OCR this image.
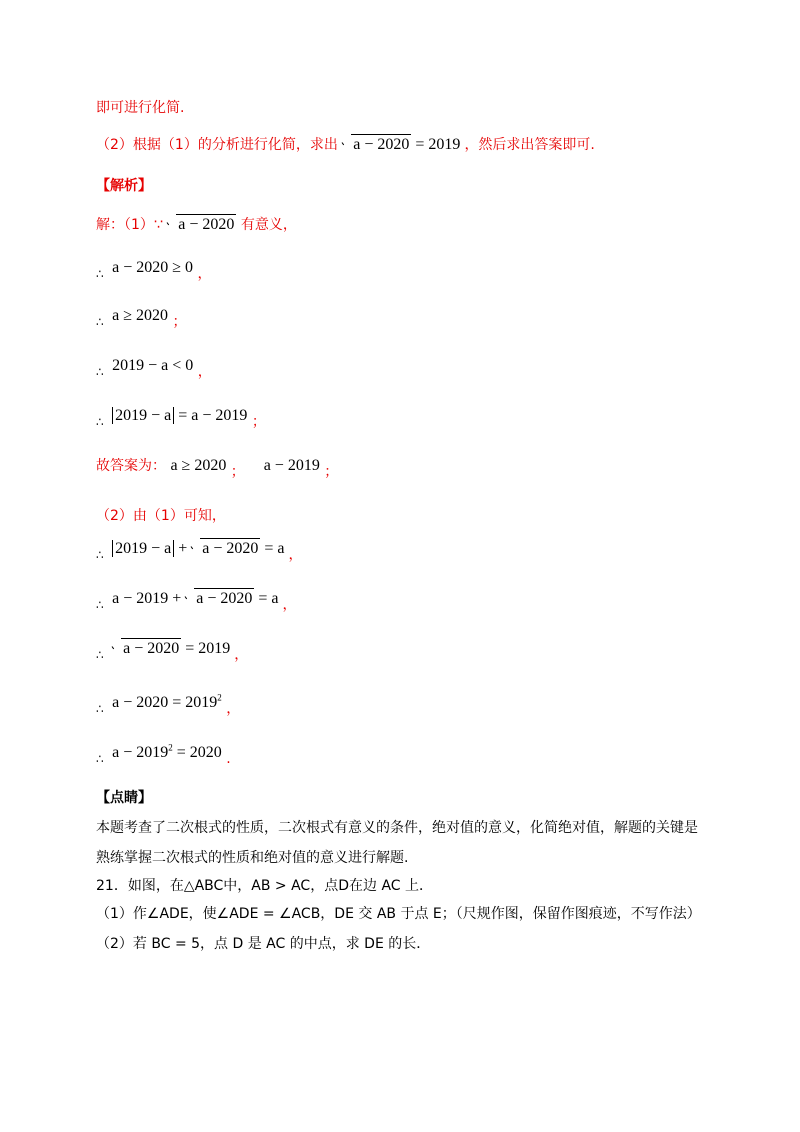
即可进行化简.
（2）根据（1）的分析进行化简，求出 a − 2020 = 2019 ，然后求出答案即可.
【解析】
解：（1）∵ a − 2020 有意义，
∴ a − 2020 ≥ 0 ，
∴ a ≥ 2020 ；
∴ 2019 − a < 0 ，
∴ 2019 − a = a − 2019 ；
故答案为： a ≥ 2020 ； a − 2019 ；
（2）由（1）可知，
∴ 2019 − a + a − 2020 = a ，
∴ a − 2019 + a − 2020 = a ，
∴ a − 2020 = 2019 ，
∴ $a - 2020 = 2019^2$ ，
∴ $a - 2019^2 = 2020$ .
【点睛】
本题考查了二次根式的性质，二次根式有意义的条件，绝对值的意义，化简绝对值，解题的关键是
熟练掌握二次根式的性质和绝对值的意义进行解题.
21．如图，在△ABC中，AB > AC，点D在边 AC 上．
（1）作∠ADE，使∠ADE = ∠ACB，DE 交 AB 于点 E；（尺规作图，保留作图痕迹，不写作法）
（2）若 BC = 5，点 D 是 AC 的中点，求 DE 的长．
